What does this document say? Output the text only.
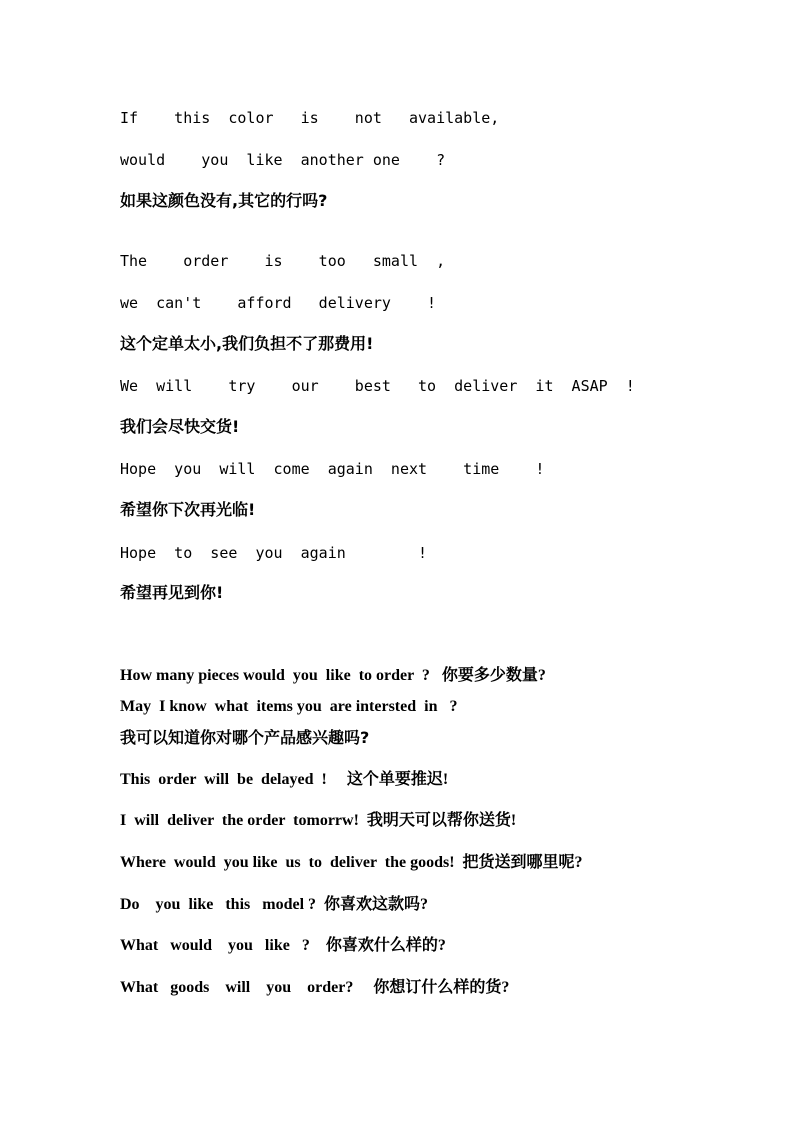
If    this  color   is    not   available,
would    you  like  another one    ?
如果这颜色没有,其它的行吗?
The    order    is    too   small  ,
we  can't    afford   delivery    !
这个定单太小,我们负担不了那费用!
We  will    try    our    best   to  deliver  it  ASAP  !
我们会尽快交货!
Hope  you  will  come  again  next    time    !
希望你下次再光临!
Hope  to  see  you  again        !
希望再见到你!
How many pieces would  you  like  to order  ?   你要多少数量?
May  I know  what  items you  are intersted  in   ?
我可以知道你对哪个产品感兴趣吗?
This  order  will  be  delayed  !     这个单要推迟!
I  will  deliver  the order  tomorrw!  我明天可以帮你送货!
Where  would  you like  us  to  deliver  the goods!  把货送到哪里呢?
Do    you  like   this   model ?  你喜欢这款吗?
What   would    you   like   ?    你喜欢什么样的?
What   goods    will    you    order?     你想订什么样的货?
